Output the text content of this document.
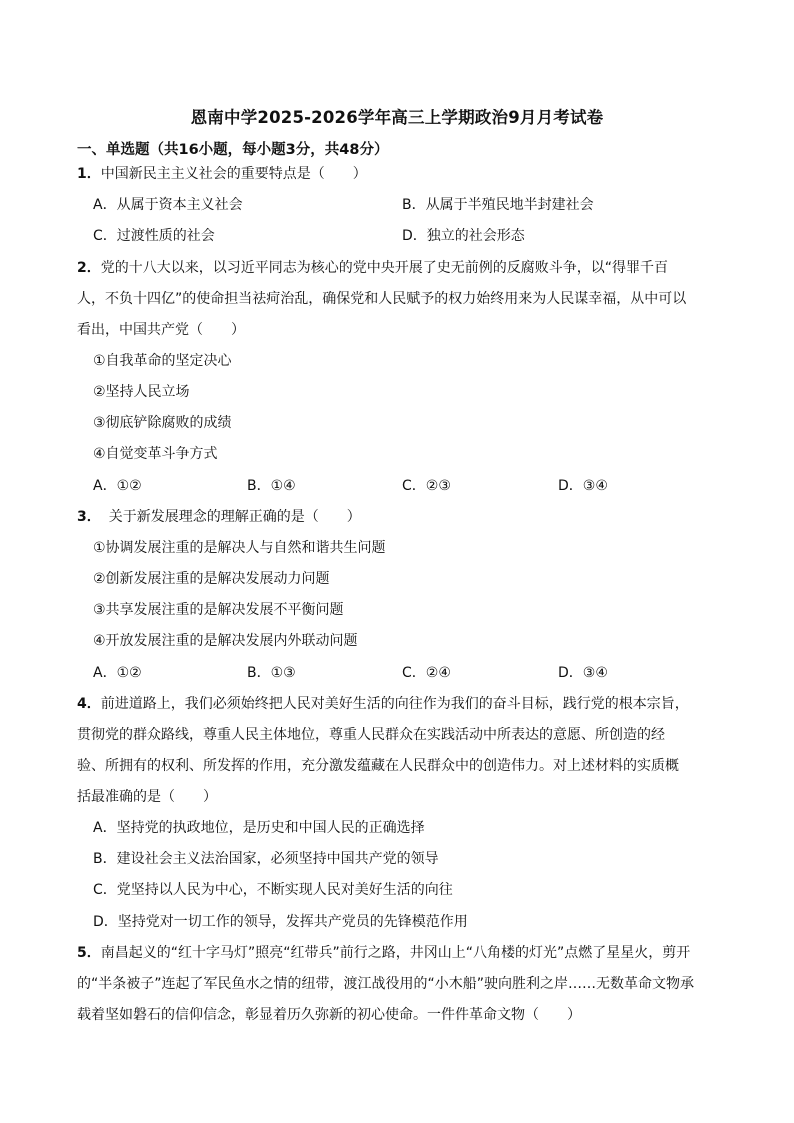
恩南中学2025-2026学年高三上学期政治9月月考试卷
一、单选题（共16小题，每小题3分，共48分）
1．中国新民主主义社会的重要特点是（　　）
A．从属于资本主义社会	B．从属于半殖民地半封建社会
C．过渡性质的社会	D．独立的社会形态
2．党的十八大以来，以习近平同志为核心的党中央开展了史无前例的反腐败斗争，以“得罪千百
人，不负十四亿”的使命担当祛疴治乱，确保党和人民赋予的权力始终用来为人民谋幸福，从中可以
看出，中国共产党（　　）
①自我革命的坚定决心
②坚持人民立场
③彻底铲除腐败的成绩
④自觉变革斗争方式
A．①②	B．①④	C．②③	D．③④
3． 关于新发展理念的理解正确的是（　　）
①协调发展注重的是解决人与自然和谐共生问题
②创新发展注重的是解决发展动力问题
③共享发展注重的是解决发展不平衡问题
④开放发展注重的是解决发展内外联动问题
A．①②	B．①③	C．②④	D．③④
4．前进道路上，我们必须始终把人民对美好生活的向往作为我们的奋斗目标，践行党的根本宗旨，
贯彻党的群众路线，尊重人民主体地位，尊重人民群众在实践活动中所表达的意愿、所创造的经
验、所拥有的权利、所发挥的作用，充分激发蕴藏在人民群众中的创造伟力。对上述材料的实质概
括最准确的是（　　）
A．坚持党的执政地位，是历史和中国人民的正确选择
B．建设社会主义法治国家，必须坚持中国共产党的领导
C．党坚持以人民为中心，不断实现人民对美好生活的向往
D．坚持党对一切工作的领导，发挥共产党员的先锋模范作用
5．南昌起义的“红十字马灯”照亮“红带兵”前行之路，井冈山上“八角楼的灯光”点燃了星星火，剪开
的“半条被子”连起了军民鱼水之情的纽带，渡江战役用的“小木船”驶向胜利之岸……无数革命文物承
载着坚如磐石的信仰信念，彰显着历久弥新的初心使命。一件件革命文物（　　）
